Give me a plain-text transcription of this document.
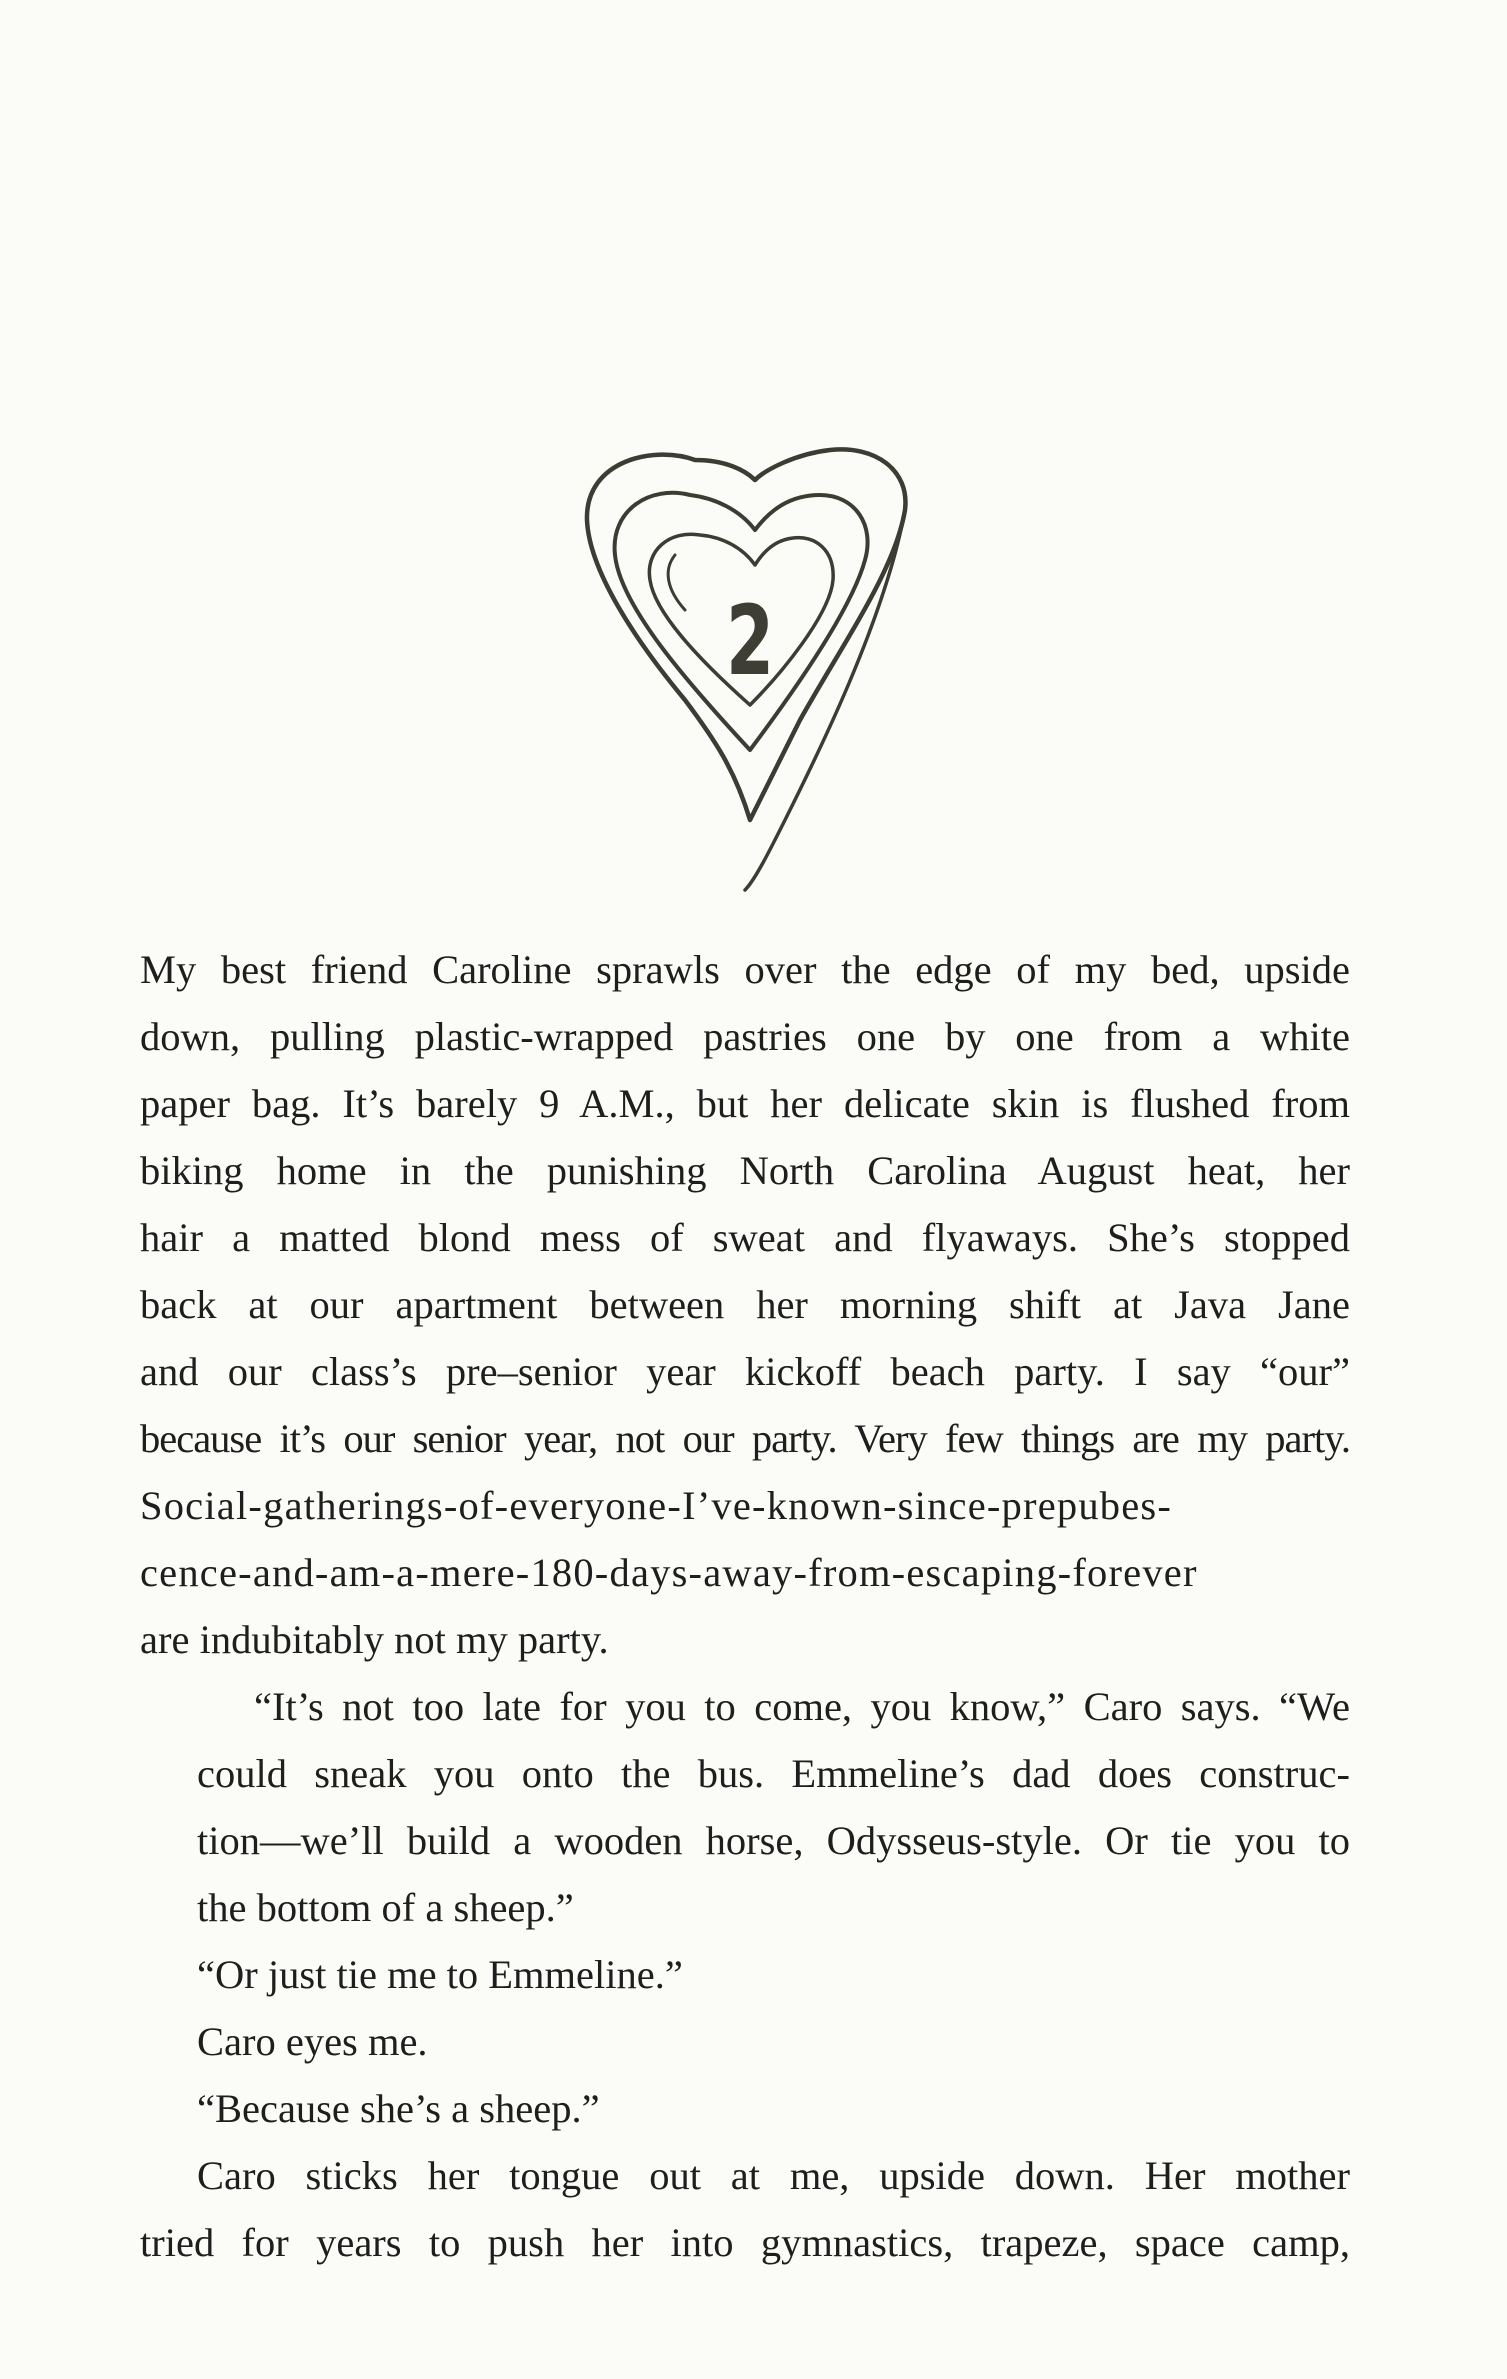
2

My best friend Caroline sprawls over the edge of my bed, upside
down, pulling plastic-wrapped pastries one by one from a white
paper bag. It’s barely 9 A.M., but her delicate skin is flushed from
biking home in the punishing North Carolina August heat, her
hair a matted blond mess of sweat and flyaways. She’s stopped
back at our apartment between her morning shift at Java Jane
and our class’s pre–senior year kickoff beach party. I say “our”
because it’s our senior year, not our party. Very few things are my party.
Social-gatherings-of-everyone-I’ve-known-since-prepubes-
cence-and-am-a-mere-180-days-away-from-escaping-forever
are indubitably not my party.

“It’s not too late for you to come, you know,” Caro says. “We
could sneak you onto the bus. Emmeline’s dad does construc-
tion—we’ll build a wooden horse, Odysseus-style. Or tie you to
the bottom of a sheep.”

“Or just tie me to Emmeline.”

Caro eyes me.

“Because she’s a sheep.”

Caro sticks her tongue out at me, upside down. Her mother
tried for years to push her into gymnastics, trapeze, space camp,
